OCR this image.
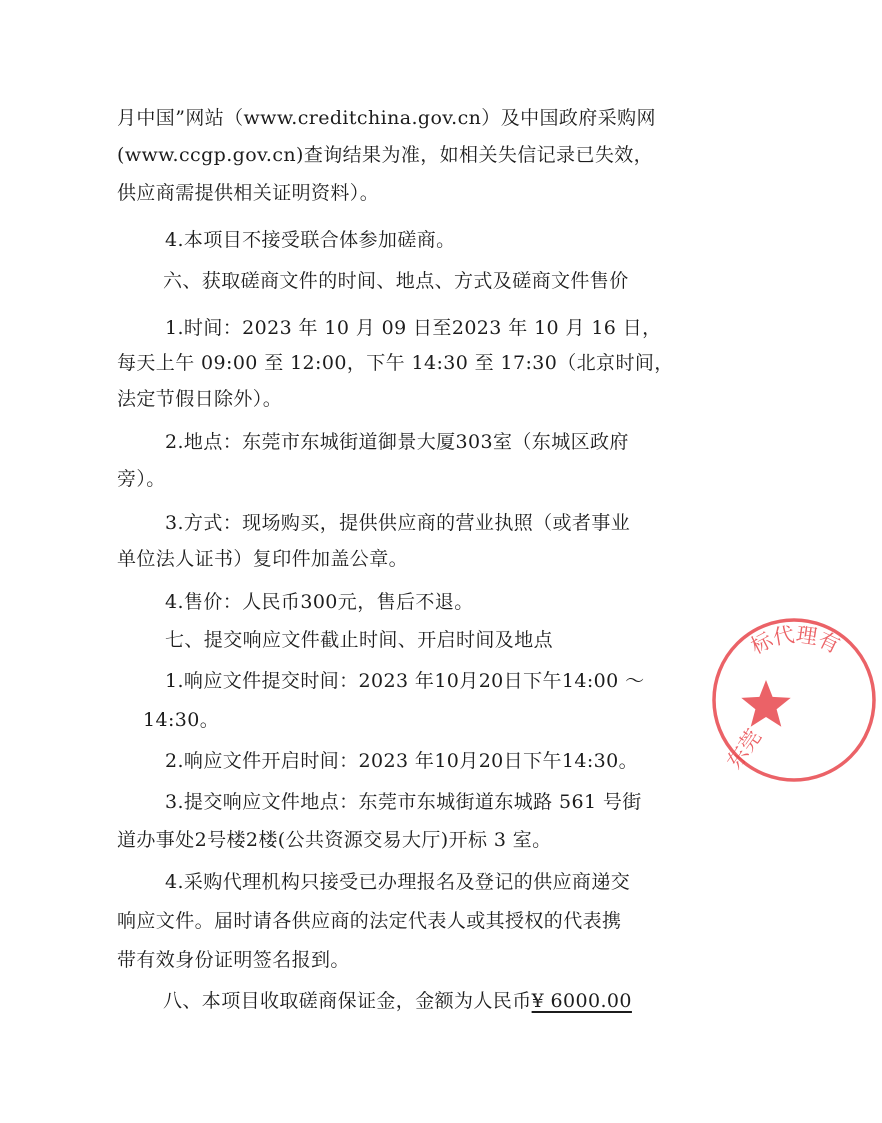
月中国”网站（www.creditchina.gov.cn）及中国政府采购网

(www.ccgp.gov.cn)查询结果为准，如相关失信记录已失效，

供应商需提供相关证明资料）。

4.本项目不接受联合体参加磋商。

六、获取磋商文件的时间、地点、方式及磋商文件售价

1.时间：2023 年 10 月 09 日至2023 年 10 月 16 日，

每天上午 09:00 至 12:00，下午 14:30 至 17:30（北京时间，

法定节假日除外）。

2.地点：东莞市东城街道御景大厦303室（东城区政府

旁）。

3.方式：现场购买，提供供应商的营业执照（或者事业

单位法人证书）复印件加盖公章。

4.售价：人民币300元，售后不退。

七、提交响应文件截止时间、开启时间及地点

1.响应文件提交时间：2023 年10月20日下午14:00 ～

14:30。

2.响应文件开启时间：2023 年10月20日下午14:30。

3.提交响应文件地点：东莞市东城街道东城路 561 号街

道办事处2号楼2楼(公共资源交易大厅)开标 3 室。

4.采购代理机构只接受已办理报名及登记的供应商递交

响应文件。届时请各供应商的法定代表人或其授权的代表携

带有效身份证明签名报到。

八、本项目收取磋商保证金，金额为人民币¥ 6000.00

标代理有
东莞
